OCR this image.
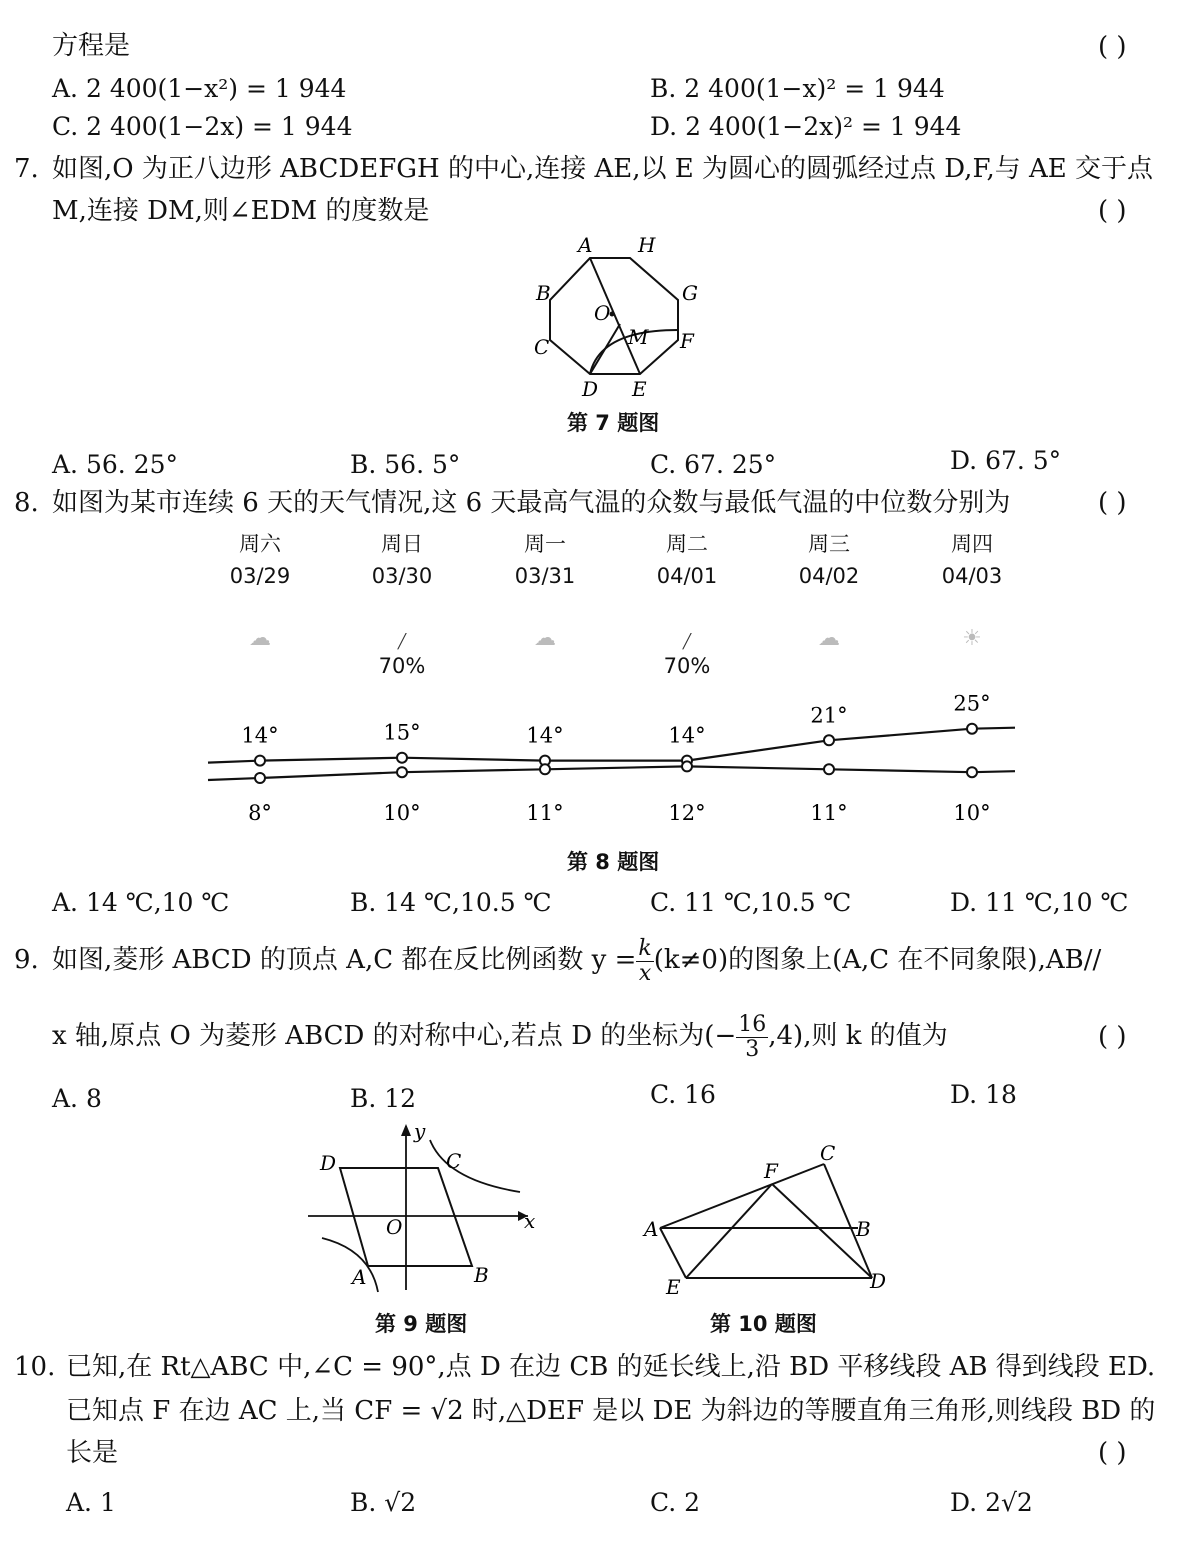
方程是	( )
A. 2 400(1−x²) = 1 944	B. 2 400(1−x)² = 1 944
C. 2 400(1−2x) = 1 944	D. 2 400(1−2x)² = 1 944
7. 如图,O 为正八边形 ABCDEFGH 的中心,连接 AE,以 E 为圆心的圆弧经过点 D,F,与 AE 交于点
M,连接 DM,则∠EDM 的度数是	( )
A H
B	G
C	F
O
M
D E
第 7 题图
A. 56. 25°	B. 56. 5°	C. 67. 25°	D. 67. 5°
8. 如图为某市连续 6 天的天气情况,这 6 天最高气温的众数与最低气温的中位数分别为	( )
周六
03/29
☁
周日
03/30
╱
70%
周一
03/31
☁
周二
04/01
╱
70%
周三
04/02
☁
周四
04/03
☀
14°	15°	14°	14°
21°	25°
8°	10°	11°	12°	11°	10°
第 8 题图
A. 14 ℃,10 ℃	B. 14 ℃,10.5 ℃	C. 11 ℃,10.5 ℃	D. 11 ℃,10 ℃
9. 如图,菱形 ABCD 的顶点 A,C 都在反比例函数 $y = \frac{k}{x} (k\ne 0)$的图象上(A,C 在不同象限),AB//
x 轴,原点 O 为菱形 ABCD 的对称中心,若点 D 的坐标为(− $\frac{16}{3} ,4$),则 k 的值为	( )
A. 8	B. 12	C. 16	D. 18
D	C
O
A	B
x
y
第 9 题图
A
F
C
B
E	D
第 10 题图
10. 已知,在 Rt△ABC 中,∠C = 90°,点 D 在边 CB 的延长线上,沿 BD 平移线段 AB 得到线段 ED.
已知点 F 在边 AC 上,当 CF = √2 时,△DEF 是以 DE 为斜边的等腰直角三角形,则线段 BD 的
长是	( )
A. 1	B. √2	C. 2	D. 2√2
